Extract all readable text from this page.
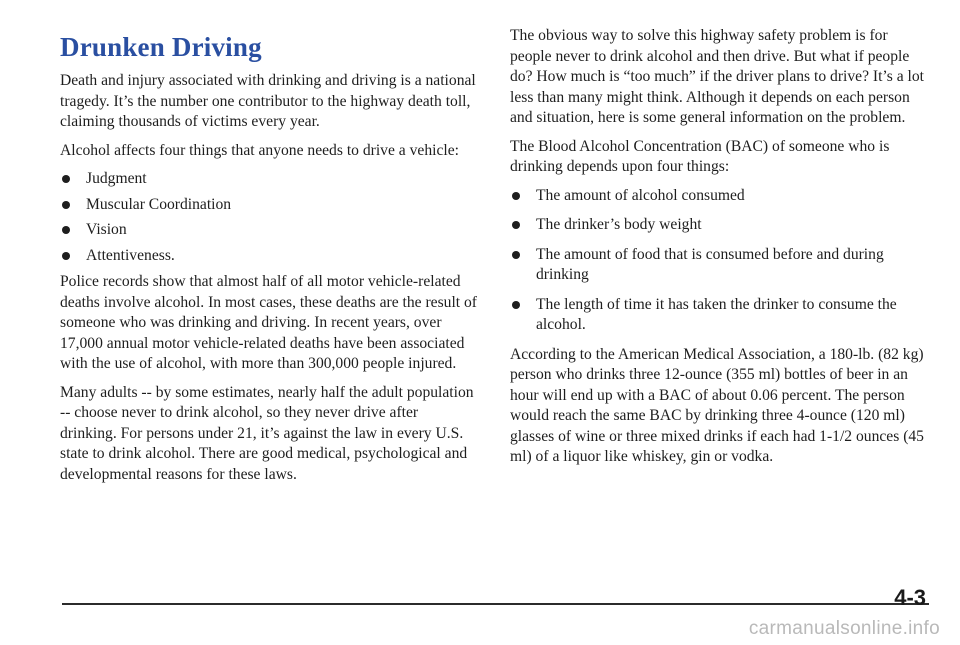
Drunken Driving

Death and injury associated with drinking and driving is a national tragedy. It’s the number one contributor to the highway death toll, claiming thousands of victims every year.

Alcohol affects four things that anyone needs to drive a vehicle:

Judgment
Muscular Coordination
Vision
Attentiveness.

Police records show that almost half of all motor vehicle-related deaths involve alcohol. In most cases, these deaths are the result of someone who was drinking and driving. In recent years, over 17,000 annual motor vehicle-related deaths have been associated with the use of alcohol, with more than 300,000 people injured.

Many adults -- by some estimates, nearly half the adult population -- choose never to drink alcohol, so they never drive after drinking. For persons under 21, it’s against the law in every U.S. state to drink alcohol. There are good medical, psychological and developmental reasons for these laws.

The obvious way to solve this highway safety problem is for people never to drink alcohol and then drive. But what if people do? How much is “too much” if the driver plans to drive? It’s a lot less than many might think. Although it depends on each person and situation, here is some general information on the problem.

The Blood Alcohol Concentration (BAC) of someone who is drinking depends upon four things:

The amount of alcohol consumed
The drinker’s body weight
The amount of food that is consumed before and during drinking
The length of time it has taken the drinker to consume the alcohol.

According to the American Medical Association, a 180-lb. (82 kg) person who drinks three 12-ounce (355 ml) bottles of beer in an hour will end up with a BAC of about 0.06 percent. The person would reach the same BAC by drinking three 4-ounce (120 ml) glasses of wine or three mixed drinks if each had 1-1/2 ounces (45 ml) of a liquor like whiskey, gin or vodka.

4-3
carmanualsonline.info
